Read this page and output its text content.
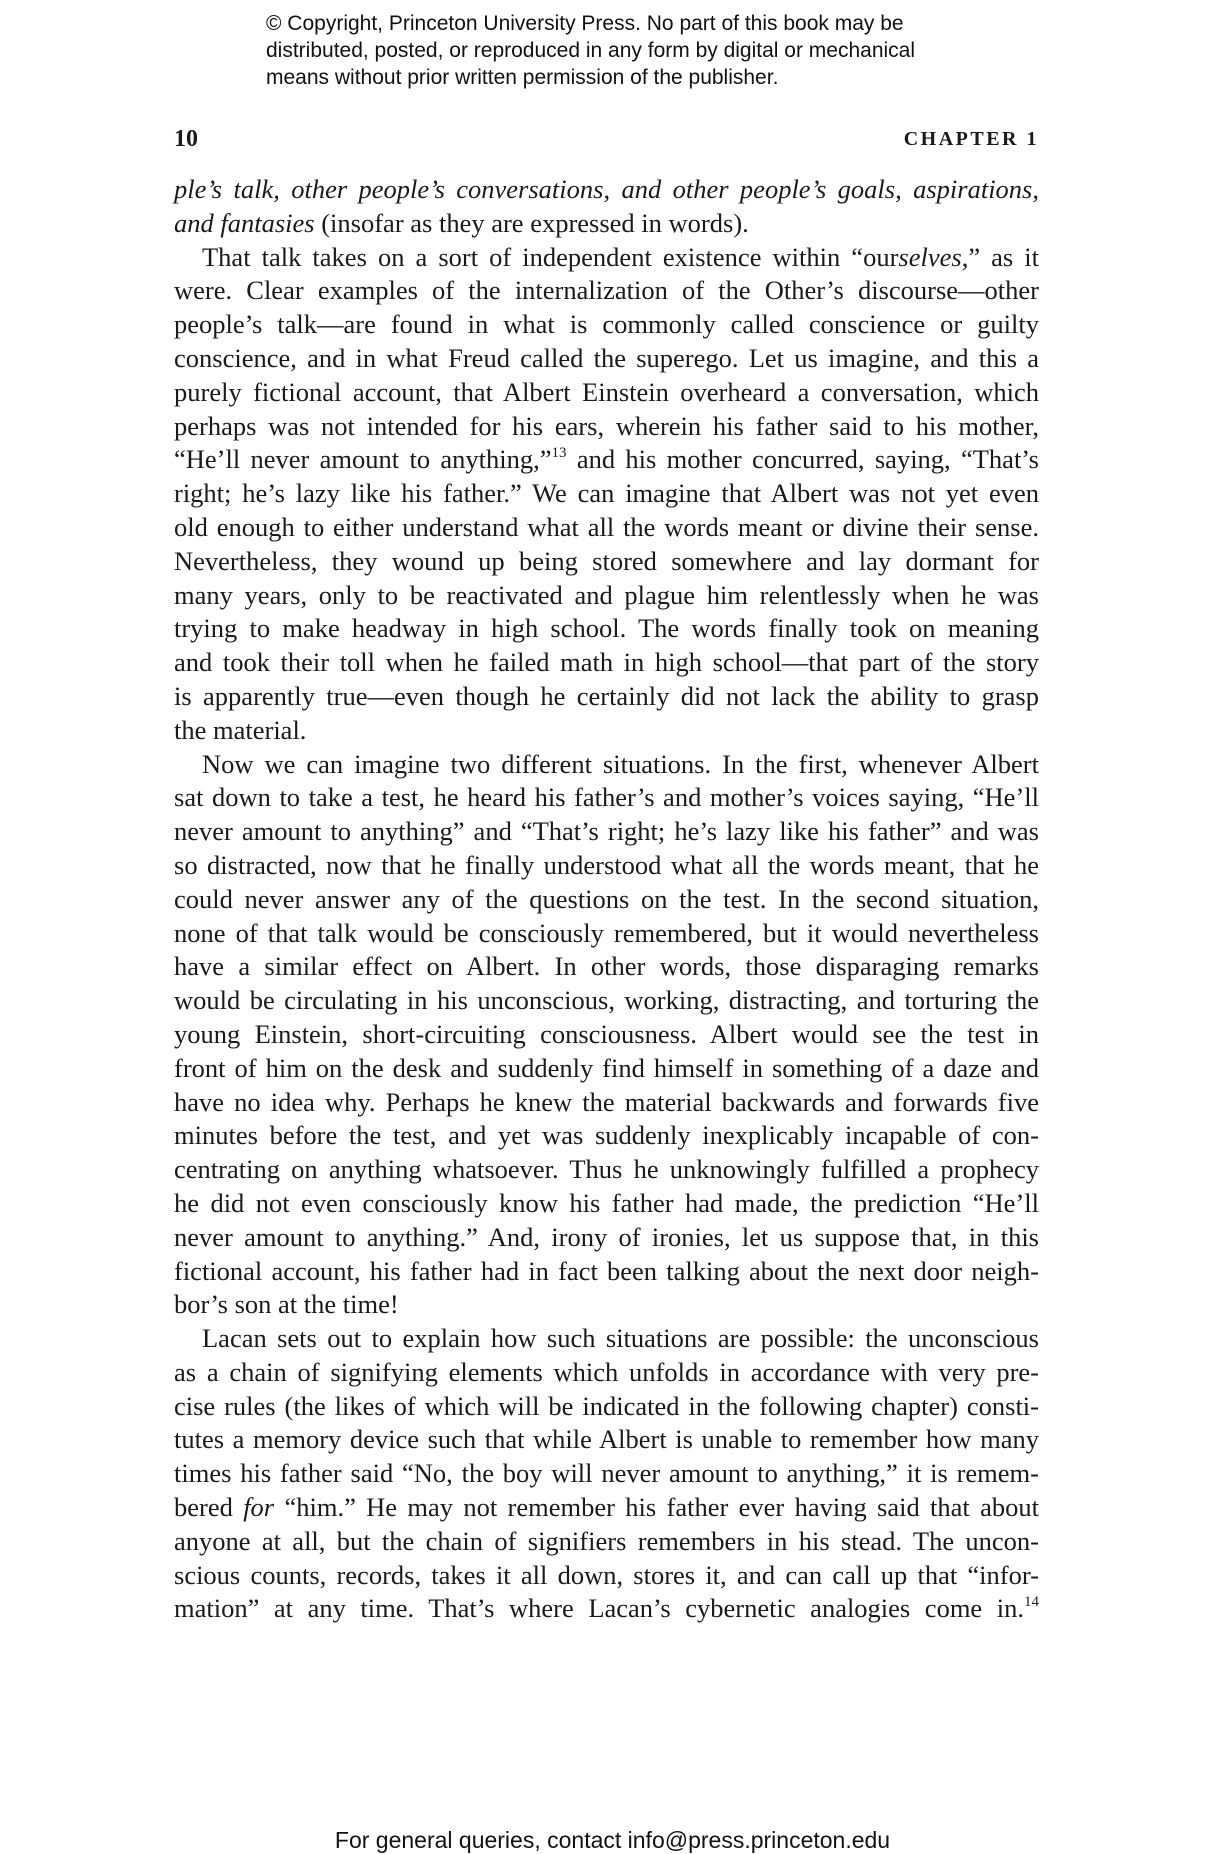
© Copyright, Princeton University Press. No part of this book may be
distributed, posted, or reproduced in any form by digital or mechanical
means without prior written permission of the publisher.
10	CHAPTER 1
ple’s talk, other people’s conversations, and other people’s goals, aspirations,
and fantasies (insofar as they are expressed in words).
That talk takes on a sort of independent existence within “ourselves,” as it
were. Clear examples of the internalization of the Other’s discourse—other
people’s talk—are found in what is commonly called conscience or guilty
conscience, and in what Freud called the superego. Let us imagine, and this a
purely fictional account, that Albert Einstein overheard a conversation, which
perhaps was not intended for his ears, wherein his father said to his mother,
“He’ll never amount to anything,”$^{13}$ and his mother concurred, saying, “That’s
right; he’s lazy like his father.” We can imagine that Albert was not yet even
old enough to either understand what all the words meant or divine their sense.
Nevertheless, they wound up being stored somewhere and lay dormant for
many years, only to be reactivated and plague him relentlessly when he was
trying to make headway in high school. The words finally took on meaning
and took their toll when he failed math in high school—that part of the story
is apparently true—even though he certainly did not lack the ability to grasp
the material.
Now we can imagine two different situations. In the first, whenever Albert
sat down to take a test, he heard his father’s and mother’s voices saying, “He’ll
never amount to anything” and “That’s right; he’s lazy like his father” and was
so distracted, now that he finally understood what all the words meant, that he
could never answer any of the questions on the test. In the second situation,
none of that talk would be consciously remembered, but it would nevertheless
have a similar effect on Albert. In other words, those disparaging remarks
would be circulating in his unconscious, working, distracting, and torturing the
young Einstein, short-circuiting consciousness. Albert would see the test in
front of him on the desk and suddenly find himself in something of a daze and
have no idea why. Perhaps he knew the material backwards and forwards five
minutes before the test, and yet was suddenly inexplicably incapable of con-
centrating on anything whatsoever. Thus he unknowingly fulfilled a prophecy
he did not even consciously know his father had made, the prediction “He’ll
never amount to anything.” And, irony of ironies, let us suppose that, in this
fictional account, his father had in fact been talking about the next door neigh-
bor’s son at the time!
Lacan sets out to explain how such situations are possible: the unconscious
as a chain of signifying elements which unfolds in accordance with very pre-
cise rules (the likes of which will be indicated in the following chapter) consti-
tutes a memory device such that while Albert is unable to remember how many
times his father said “No, the boy will never amount to anything,” it is remem-
bered for “him.” He may not remember his father ever having said that about
anyone at all, but the chain of signifiers remembers in his stead. The uncon-
scious counts, records, takes it all down, stores it, and can call up that “infor-
mation” at any time. That’s where Lacan’s cybernetic analogies come in.$^{14}$
For general queries, contact info@press.princeton.edu
